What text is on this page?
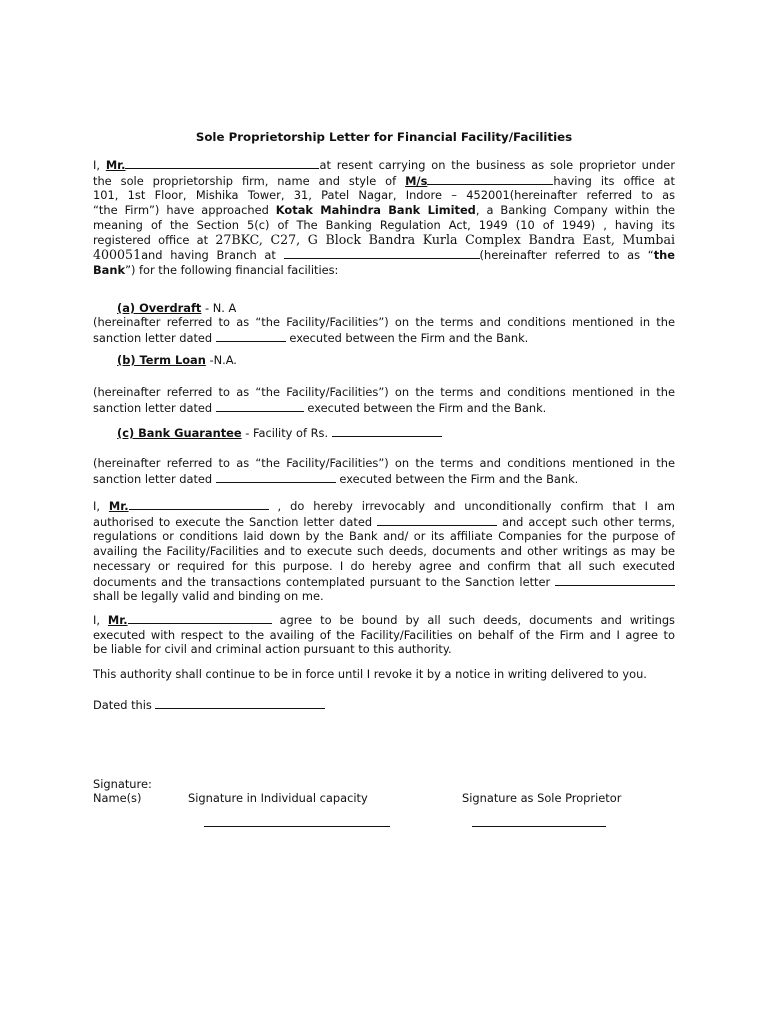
Sole Proprietorship Letter for Financial Facility/Facilities
I, Mr.	at resent carrying on the business as sole proprietor under
the sole proprietorship firm, name and style of M/s	having its office at
101, 1st Floor, Mishika Tower, 31, Patel Nagar, Indore – 452001(hereinafter referred to as
“the Firm”) have approached Kotak Mahindra Bank Limited, a Banking Company within the
meaning of the Section 5(c) of The Banking Regulation Act, 1949 (10 of 1949) , having its
registered office at 27BKC, C27, G Block Bandra Kurla Complex Bandra East, Mumbai
400051and having Branch at	(hereinafter referred to as “the
Bank”) for the following financial facilities:
(a) Overdraft - N. A
(hereinafter referred to as “the Facility/Facilities”) on the terms and conditions mentioned in the
sanction letter dated	executed between the Firm and the Bank.
(b) Term Loan -N.A.
(hereinafter referred to as “the Facility/Facilities”) on the terms and conditions mentioned in the
sanction letter dated	executed between the Firm and the Bank.
(c) Bank Guarantee - Facility of Rs.
(hereinafter referred to as “the Facility/Facilities”) on the terms and conditions mentioned in the
sanction letter dated	executed between the Firm and the Bank.
I, Mr.	, do hereby irrevocably and unconditionally confirm that I am
authorised to execute the Sanction letter dated	and accept such other terms,
regulations or conditions laid down by the Bank and/ or its affiliate Companies for the purpose of
availing the Facility/Facilities and to execute such deeds, documents and other writings as may be
necessary or required for this purpose. I do hereby agree and confirm that all such executed
documents and the transactions contemplated pursuant to the Sanction letter
shall be legally valid and binding on me.
I, Mr.	agree to be bound by all such deeds, documents and writings
executed with respect to the availing of the Facility/Facilities on behalf of the Firm and I agree to
be liable for civil and criminal action pursuant to this authority.
This authority shall continue to be in force until I revoke it by a notice in writing delivered to you.
Dated this
Signature:
Name(s)	Signature in Individual capacity	Signature as Sole Proprietor
